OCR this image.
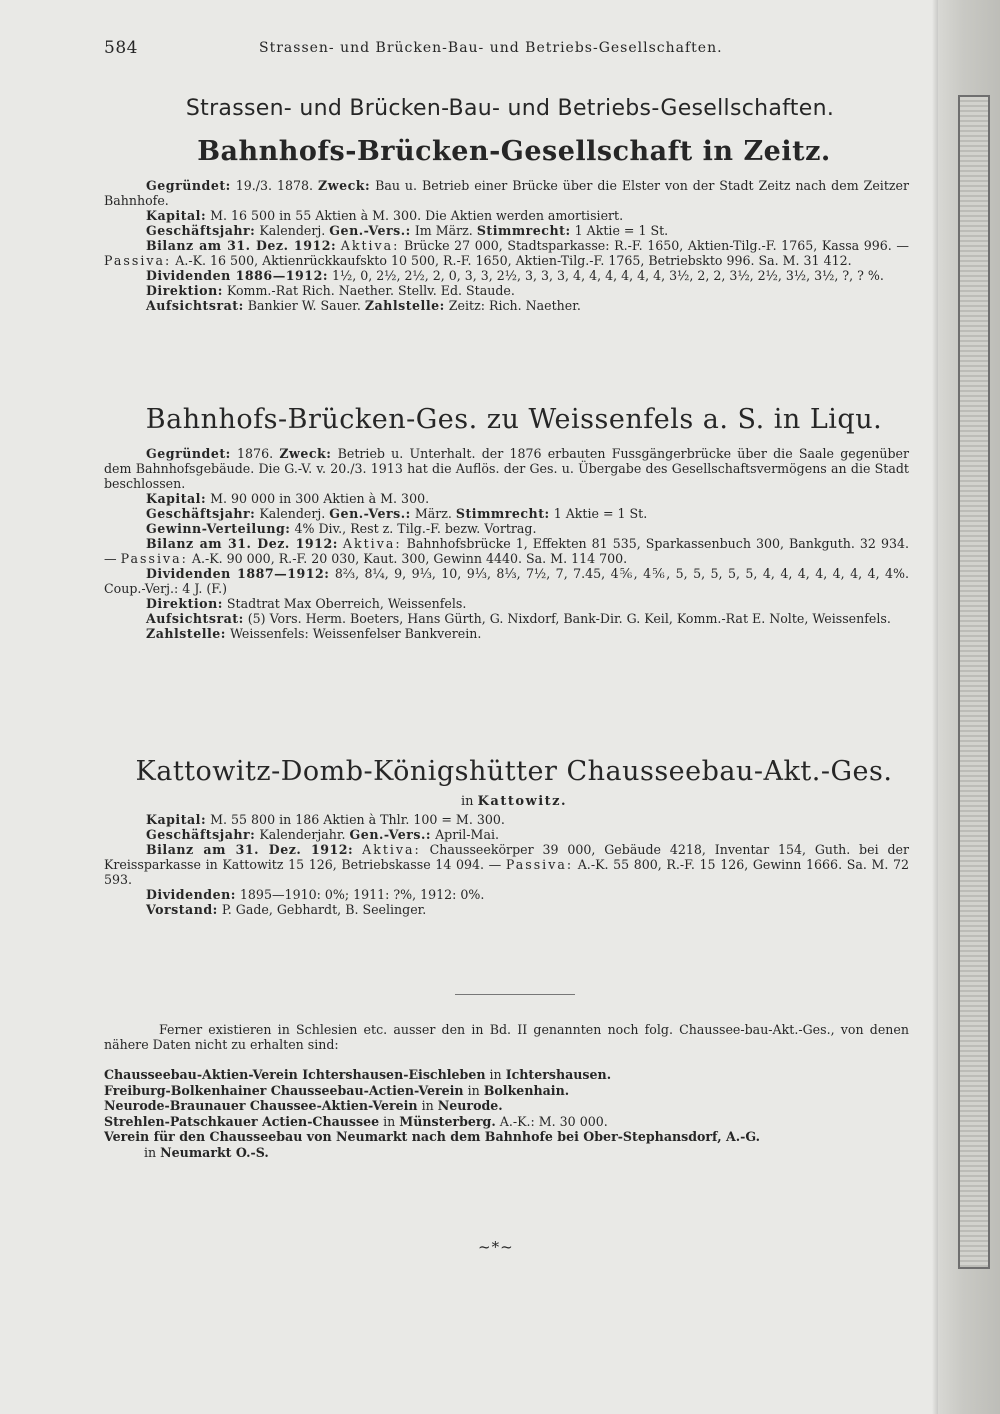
584	Strassen- und Brücken-Bau- und Betriebs-Gesellschaften.
Strassen- und Brücken-Bau- und Betriebs-Gesellschaften.
Bahnhofs-Brücken-Gesellschaft in Zeitz.

Gegründet: 19./3. 1878. Zweck: Bau u. Betrieb einer Brücke über die Elster von der Stadt Zeitz nach dem Zeitzer Bahnhofe.

Kapital: M. 16 500 in 55 Aktien à M. 300. Die Aktien werden amortisiert.

Geschäftsjahr: Kalenderj. Gen.-Vers.: Im März. Stimmrecht: 1 Aktie = 1 St.

Bilanz am 31. Dez. 1912: Aktiva: Brücke 27 000, Stadtsparkasse: R.-F. 1650, Aktien-Tilg.-F. 1765, Kassa 996. — Passiva: A.-K. 16 500, Aktienrückkaufskto 10 500, R.-F. 1650, Aktien-Tilg.-F. 1765, Betriebskto 996. Sa. M. 31 412.

Dividenden 1886—1912: 1½, 0, 2½, 2½, 2, 0, 3, 3, 2½, 3, 3, 3, 4, 4, 4, 4, 4, 4, 3½, 2, 2, 3½, 2½, 3½, 3½, ?, ? %.

Direktion: Komm.-Rat Rich. Naether. Stellv. Ed. Staude.

Aufsichtsrat: Bankier W. Sauer. Zahlstelle: Zeitz: Rich. Naether.

Bahnhofs-Brücken-Ges. zu Weissenfels a. S. in Liqu.

Gegründet: 1876. Zweck: Betrieb u. Unterhalt. der 1876 erbauten Fussgängerbrücke über die Saale gegenüber dem Bahnhofsgebäude. Die G.-V. v. 20./3. 1913 hat die Auflös. der Ges. u. Übergabe des Gesellschaftsvermögens an die Stadt beschlossen.

Kapital: M. 90 000 in 300 Aktien à M. 300.

Geschäftsjahr: Kalenderj. Gen.-Vers.: März. Stimmrecht: 1 Aktie = 1 St.

Gewinn-Verteilung: 4% Div., Rest z. Tilg.-F. bezw. Vortrag.

Bilanz am 31. Dez. 1912: Aktiva: Bahnhofsbrücke 1, Effekten 81 535, Sparkassenbuch 300, Bankguth. 32 934. — Passiva: A.-K. 90 000, R.-F. 20 030, Kaut. 300, Gewinn 4440. Sa. M. 114 700.

Dividenden 1887—1912: 8⅔, 8¼, 9, 9⅓, 10, 9⅓, 8⅓, 7½, 7, 7.45, 4⅚, 4⅚, 5, 5, 5, 5, 5, 4, 4, 4, 4, 4, 4, 4, 4%. Coup.-Verj.: 4 J. (F.)

Direktion: Stadtrat Max Oberreich, Weissenfels.

Aufsichtsrat: (5) Vors. Herm. Boeters, Hans Gürth, G. Nixdorf, Bank-Dir. G. Keil, Komm.-Rat E. Nolte, Weissenfels.

Zahlstelle: Weissenfels: Weissenfelser Bankverein.

Kattowitz-Domb-Königshütter Chausseebau-Akt.-Ges.
in Kattowitz.

Kapital: M. 55 800 in 186 Aktien à Thlr. 100 = M. 300.

Geschäftsjahr: Kalenderjahr. Gen.-Vers.: April-Mai.

Bilanz am 31. Dez. 1912: Aktiva: Chausseekörper 39 000, Gebäude 4218, Inventar 154, Guth. bei der Kreissparkasse in Kattowitz 15 126, Betriebskasse 14 094. — Passiva: A.-K. 55 800, R.-F. 15 126, Gewinn 1666. Sa. M. 72 593.

Dividenden: 1895—1910: 0%; 1911: ?%, 1912: 0%.

Vorstand: P. Gade, Gebhardt, B. Seelinger.

Ferner existieren in Schlesien etc. ausser den in Bd. II genannten noch folg. Chaussee-bau-Akt.-Ges., von denen nähere Daten nicht zu erhalten sind:

Chausseebau-Aktien-Verein Ichtershausen-Eischleben in Ichtershausen.
Freiburg-Bolkenhainer Chausseebau-Actien-Verein in Bolkenhain.
Neurode-Braunauer Chaussee-Aktien-Verein in Neurode.
Strehlen-Patschkauer Actien-Chaussee in Münsterberg. A.-K.: M. 30 000.
Verein für den Chausseebau von Neumarkt nach dem Bahnhofe bei Ober-Stephansdorf, A.-G.
in Neumarkt O.-S.
~*~
